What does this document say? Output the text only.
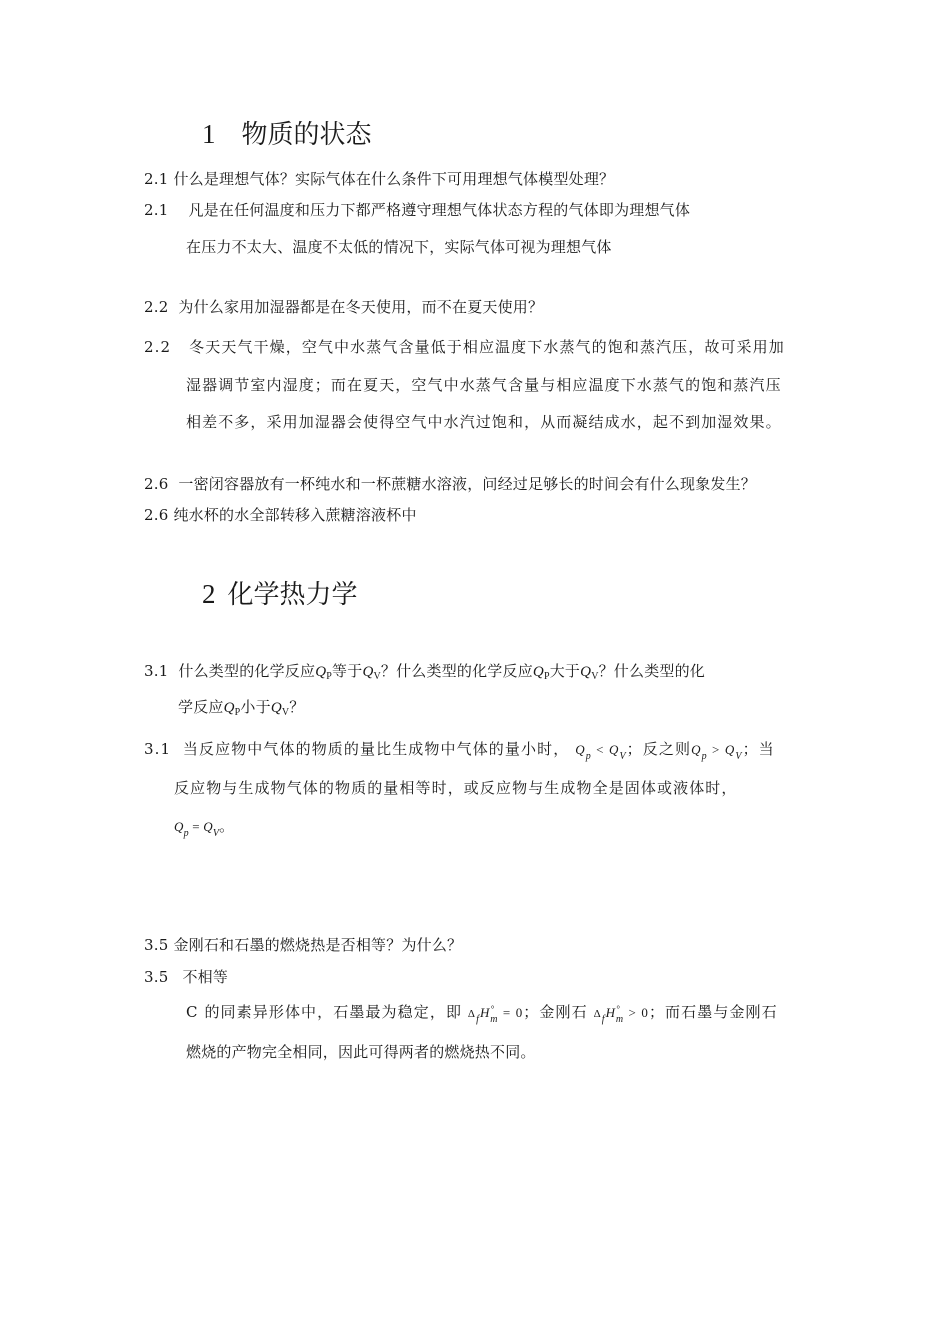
1 物质的状态
2.1 什么是理想气体？实际气体在什么条件下可用理想气体模型处理？
2.1 凡是在任何温度和压力下都严格遵守理想气体状态方程的气体即为理想气体
在压力不太大、温度不太低的情况下，实际气体可视为理想气体
2.2 为什么家用加湿器都是在冬天使用，而不在夏天使用？
2.2 冬天天气干燥，空气中水蒸气含量低于相应温度下水蒸气的饱和蒸汽压，故可采用加
湿器调节室内湿度；而在夏天，空气中水蒸气含量与相应温度下水蒸气的饱和蒸汽压
相差不多，采用加湿器会使得空气中水汽过饱和，从而凝结成水，起不到加湿效果。
2.6 一密闭容器放有一杯纯水和一杯蔗糖水溶液，问经过足够长的时间会有什么现象发生？
2.6 纯水杯的水全部转移入蔗糖溶液杯中
2 化学热力学
3.1 什么类型的化学反应$Q_P$等于$Q_V$？什么类型的化学反应$Q_P$大于$Q_V$？什么类型的化
学反应$Q_P$小于$Q_V$？
3.1 当反应物中气体的物质的量比生成物中气体的量小时， $Q_p < Q_V$；反之则$Q_p > Q_V$；当
反应物与生成物气体的物质的量相等时，或反应物与生成物全是固体或液体时，
$Q_p = Q_V$。
3.5 金刚石和石墨的燃烧热是否相等？为什么？
3.5 不相等
C 的同素异形体中，石墨最为稳定，即 $\Delta_fH^\circ_m = 0$；金刚石 $\Delta_fH^\circ_m > 0$；而石墨与金刚石
燃烧的产物完全相同，因此可得两者的燃烧热不同。
